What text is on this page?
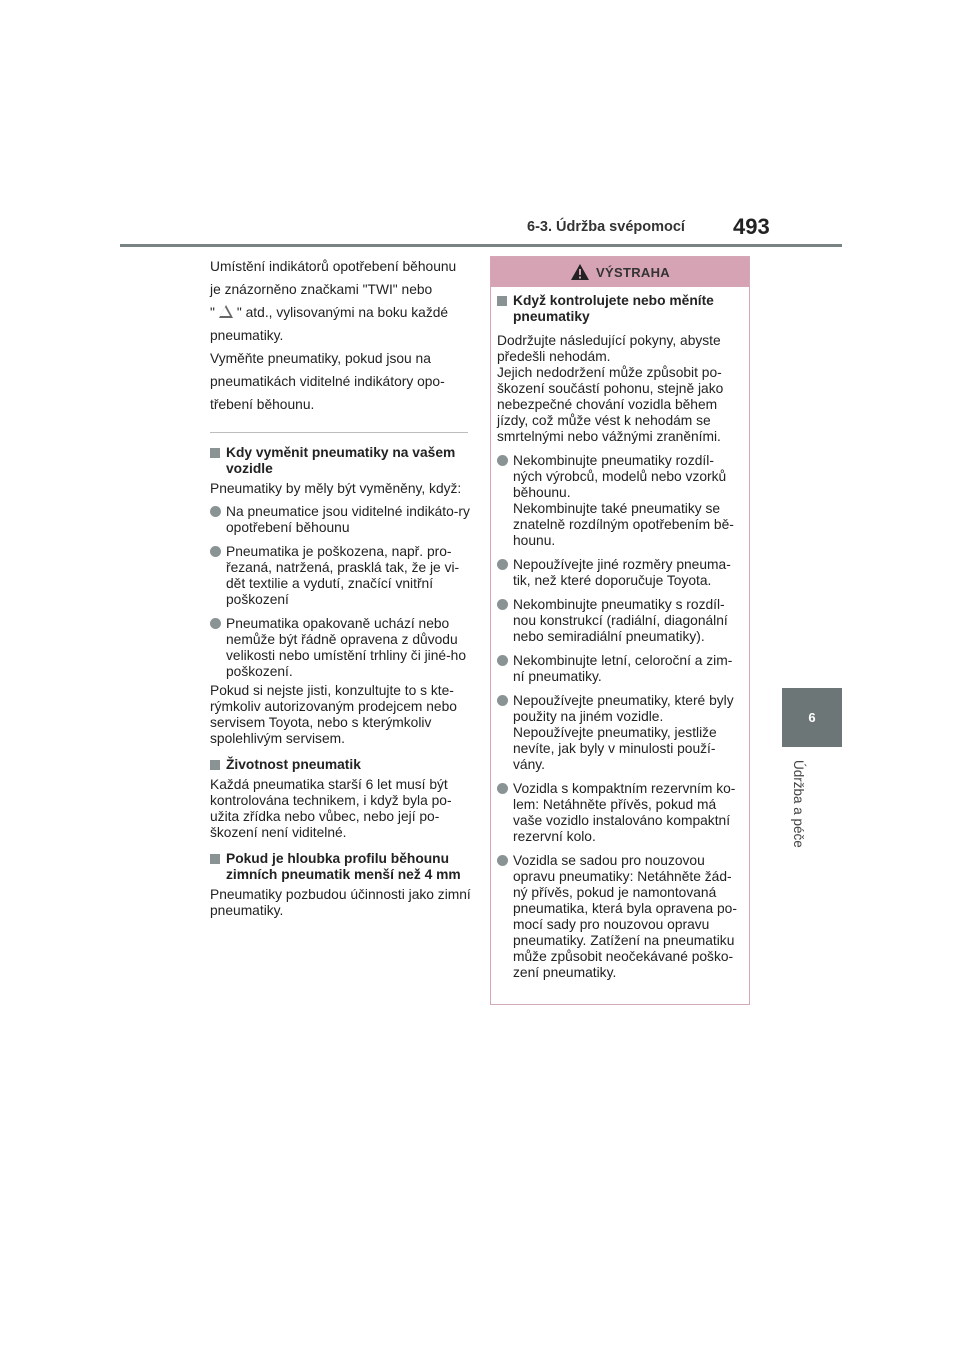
6-3. Údržba svépomocí 493
6
Údržba a péče
Umístění indikátorů opotřebení běhounu
je znázorněno značkami "TWI" nebo
" " atd., vylisovanými na boku každé
pneumatiky.
Vyměňte pneumatiky, pokud jsou na
pneumatikách viditelné indikátory opo-
třebení běhounu.
Kdy vyměnit pneumatiky na vašem vozidle
Pneumatiky by měly být vyměněny, když:
Na pneumatice jsou viditelné indikáto-ry opotřebení běhounu
Pneumatika je poškozena, např. pro-řezaná, natržená, prasklá tak, že je vi-dět textilie a vydutí, značící vnitřní poškození
Pneumatika opakovaně uchází nebo nemůže být řádně opravena z důvodu velikosti nebo umístění trhliny či jiné-ho poškození.
Pokud si nejste jisti, konzultujte to s kte-rýmkoliv autorizovaným prodejcem nebo servisem Toyota, nebo s kterýmkoliv spolehlivým servisem.
Životnost pneumatik
Každá pneumatika starší 6 let musí být kontrolována technikem, i když byla po-užita zřídka nebo vůbec, nebo její po-škození není viditelné.
Pokud je hloubka profilu běhounu zimních pneumatik menší než 4 mm
Pneumatiky pozbudou účinnosti jako zimní pneumatiky.
VÝSTRAHA
Když kontrolujete nebo měníte pneumatiky
Dodržujte následující pokyny, abyste předešli nehodám.
Jejich nedodržení může způsobit po-škození součástí pohonu, stejně jako nebezpečné chování vozidla během jízdy, což může vést k nehodám se smrtelnými nebo vážnými zraněními.
Nekombinujte pneumatiky rozdíl-ných výrobců, modelů nebo vzorků běhounu.
Nekombinujte také pneumatiky se znatelně rozdílným opotřebením bě-hounu.
Nepoužívejte jiné rozměry pneuma-tik, než které doporučuje Toyota.
Nekombinujte pneumatiky s rozdíl-nou konstrukcí (radiální, diagonální nebo semiradiální pneumatiky).
Nekombinujte letní, celoroční a zim-ní pneumatiky.
Nepoužívejte pneumatiky, které byly použity na jiném vozidle.
Nepoužívejte pneumatiky, jestliže nevíte, jak byly v minulosti použí-vány.
Vozidla s kompaktním rezervním ko-lem: Netáhněte přívěs, pokud má vaše vozidlo instalováno kompaktní rezervní kolo.
Vozidla se sadou pro nouzovou opravu pneumatiky: Netáhněte žád-ný přívěs, pokud je namontovaná pneumatika, která byla opravena po-mocí sady pro nouzovou opravu pneumatiky. Zatížení na pneumatiku může způsobit neočekávané poško-zení pneumatiky.
